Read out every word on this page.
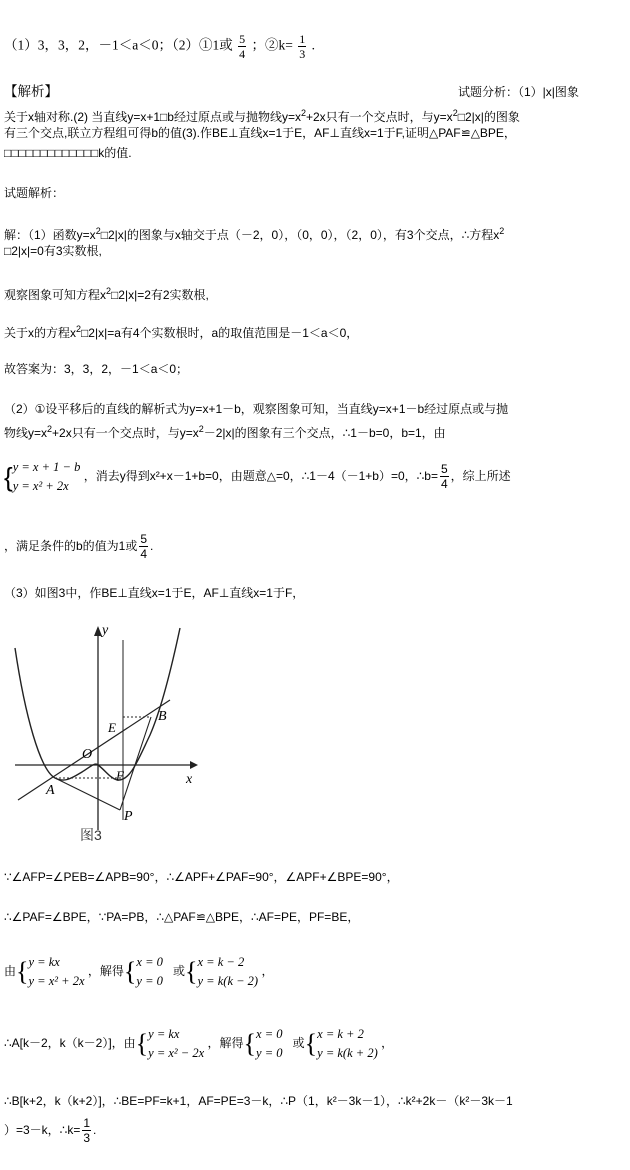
（1）3，3，2，－1＜a＜0；（2）①1或 $\frac{5}{4}$ ；②k= $\frac{1}{3}$ .
【解析】	试题分析：（1）|x|图象
关于x轴对称.(2) 当直线y=x+1□b经过原点或与抛物线$y=x^2+2x$只有一个交点时，与$y=x^2□2|x|$的图象
有三个交点,联立方程组可得b的值(3).作BE⊥直线x=1于E，AF⊥直线x=1于F,证明△PAF≌△BPE，
□□□□□□□□□□□□□k的值.
试题解析：
解：（1）函数$y=x^2□2|x|$的图象与x轴交于点（－2，0），（0，0），（2，0），有3个交点，∴方程$x^2$
□2|x|=0有3实数根,
观察图象可知方程$x^2□2|x|=2$有2实数根,
关于x的方程$x^2□2|x|=a$有4个实数根时，a的取值范围是－1＜a＜0，
故答案为：3，3，2，－1＜a＜0；
（2）①设平移后的直线的解析式为y=x+1－b，观察图象可知，当直线y=x+1－b经过原点或与抛
物线$y=x^2+2x$只有一个交点时，与$y=x^2-2|x|$的图象有三个交点，∴1－b=0，b=1，由
{ y = x + 1 − b
y = x² + 2x
，消去y得到x²+x－1+b=0，由题意△=0，∴1－4（－1+b）=0，∴b= $\frac{5}{4}$ ，综上所述
，满足条件的b的值为1或 $\frac{5}{4}$ .
（3）如图3中，作BE⊥直线x=1于E，AF⊥直线x=1于F，
y
x
O
E
B
F
A
P
图3
∵∠AFP=∠PEB=∠APB=90°，∴∠APF+∠PAF=90°，∠APF+∠BPE=90°，
∴∠PAF=∠BPE，∵PA=PB，∴△PAF≌△BPE，∴AF=PE，PF=BE，
由{ y = kx
y = x² + 2x
，解得{ x = 0
y = 0
或{ x = k − 2
y = k(k − 2)
，
∴A[k－2，k（k－2）]，由{ y = kx
y = x² − 2x
，解得{ x = 0
y = 0
或{ x = k + 2
y = k(k + 2)
，
∴B[k+2，k（k+2）]，∴BE=PF=k+1，AF=PE=3－k，∴P（1，k²－3k－1），∴k²+2k－（k²－3k－1
）=3－k，∴k= $\frac{1}{3}$ .
